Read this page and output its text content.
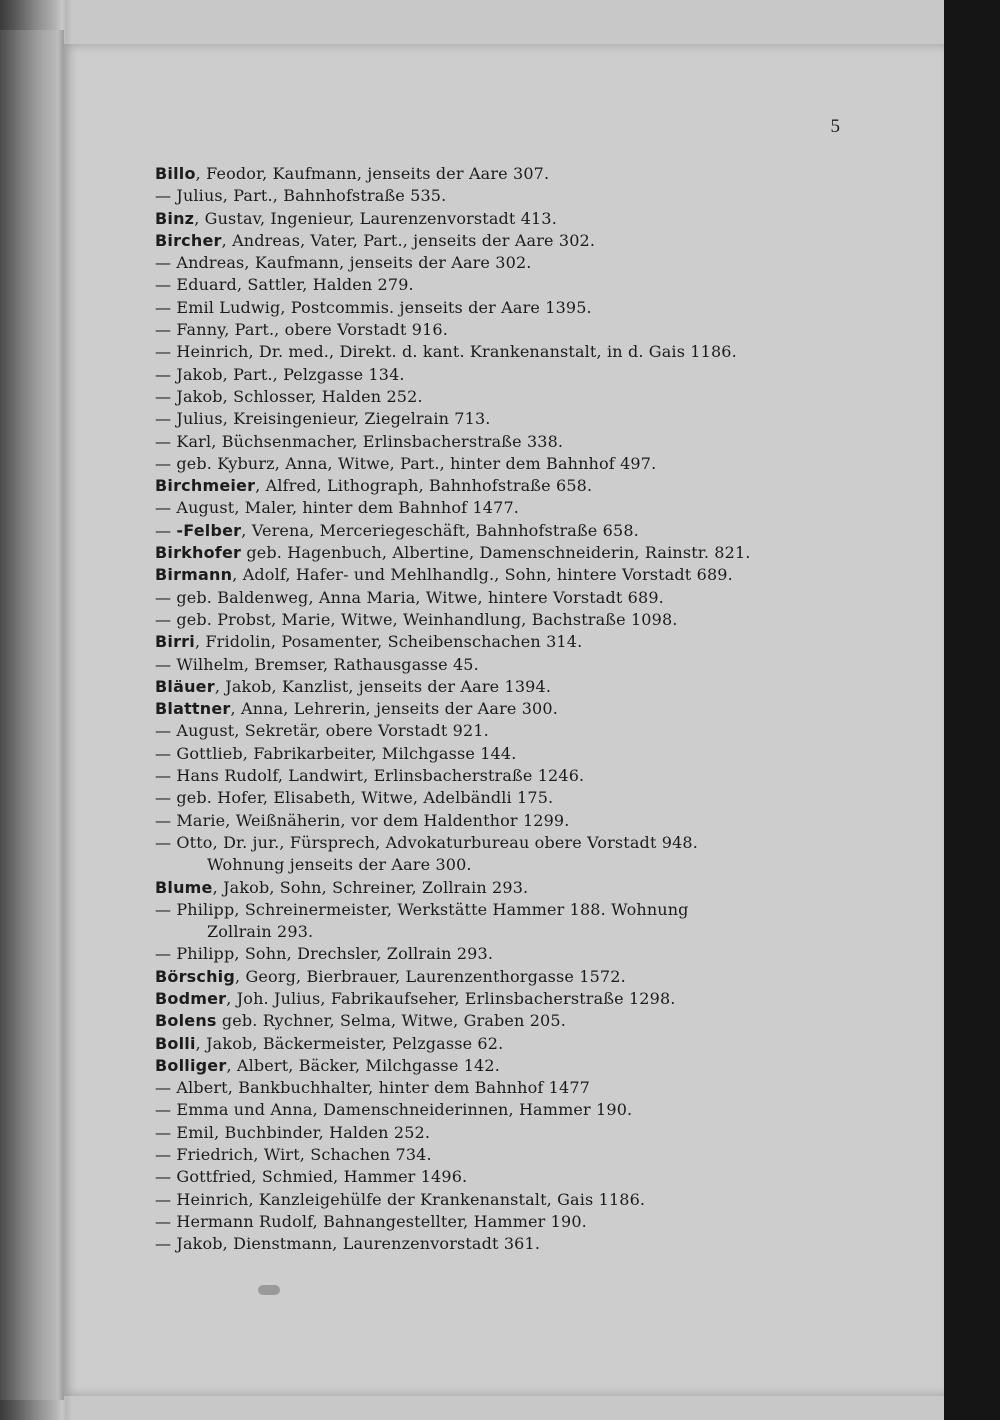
5
Billo, Feodor, Kaufmann, jenseits der Aare 307.
— Julius, Part., Bahnhofstraße 535.
Binz, Gustav, Ingenieur, Laurenzenvorstadt 413.
Bircher, Andreas, Vater, Part., jenseits der Aare 302.
— Andreas, Kaufmann, jenseits der Aare 302.
— Eduard, Sattler, Halden 279.
— Emil Ludwig, Postcommis. jenseits der Aare 1395.
— Fanny, Part., obere Vorstadt 916.
— Heinrich, Dr. med., Direkt. d. kant. Krankenanstalt, in d. Gais 1186.
— Jakob, Part., Pelzgasse 134.
— Jakob, Schlosser, Halden 252.
— Julius, Kreisingenieur, Ziegelrain 713.
— Karl, Büchsenmacher, Erlinsbacherstraße 338.
— geb. Kyburz, Anna, Witwe, Part., hinter dem Bahnhof 497.
Birchmeier, Alfred, Lithograph, Bahnhofstraße 658.
— August, Maler, hinter dem Bahnhof 1477.
— -Felber, Verena, Merceriegeschäft, Bahnhofstraße 658.
Birkhofer geb. Hagenbuch, Albertine, Damenschneiderin, Rainstr. 821.
Birmann, Adolf, Hafer- und Mehlhandlg., Sohn, hintere Vorstadt 689.
— geb. Baldenweg, Anna Maria, Witwe, hintere Vorstadt 689.
— geb. Probst, Marie, Witwe, Weinhandlung, Bachstraße 1098.
Birri, Fridolin, Posamenter, Scheibenschachen 314.
— Wilhelm, Bremser, Rathausgasse 45.
Bläuer, Jakob, Kanzlist, jenseits der Aare 1394.
Blattner, Anna, Lehrerin, jenseits der Aare 300.
— August, Sekretär, obere Vorstadt 921.
— Gottlieb, Fabrikarbeiter, Milchgasse 144.
— Hans Rudolf, Landwirt, Erlinsbacherstraße 1246.
— geb. Hofer, Elisabeth, Witwe, Adelbändli 175.
— Marie, Weißnäherin, vor dem Haldenthor 1299.
— Otto, Dr. jur., Fürsprech, Advokaturbureau obere Vorstadt 948.
Wohnung jenseits der Aare 300.
Blume, Jakob, Sohn, Schreiner, Zollrain 293.
— Philipp, Schreinermeister, Werkstätte Hammer 188. Wohnung
Zollrain 293.
— Philipp, Sohn, Drechsler, Zollrain 293.
Börschig, Georg, Bierbrauer, Laurenzenthorgasse 1572.
Bodmer, Joh. Julius, Fabrikaufseher, Erlinsbacherstraße 1298.
Bolens geb. Rychner, Selma, Witwe, Graben 205.
Bolli, Jakob, Bäckermeister, Pelzgasse 62.
Bolliger, Albert, Bäcker, Milchgasse 142.
— Albert, Bankbuchhalter, hinter dem Bahnhof 1477
— Emma und Anna, Damenschneiderinnen, Hammer 190.
— Emil, Buchbinder, Halden 252.
— Friedrich, Wirt, Schachen 734.
— Gottfried, Schmied, Hammer 1496.
— Heinrich, Kanzleigehülfe der Krankenanstalt, Gais 1186.
— Hermann Rudolf, Bahnangestellter, Hammer 190.
— Jakob, Dienstmann, Laurenzenvorstadt 361.
